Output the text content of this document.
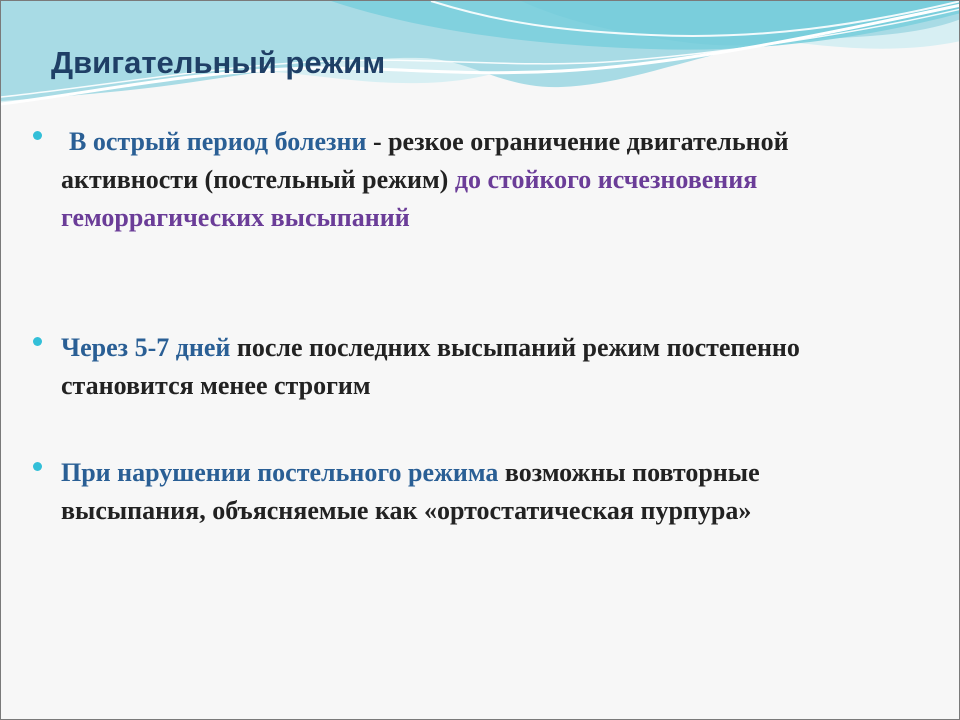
Двигательный режим

В острый период болезни - резкое ограничение двигательной активности (постельный режим) до стойкого исчезновения геморрагических высыпаний

Через 5-7 дней после последних высыпаний режим постепенно становится менее строгим

При нарушении постельного режима возможны повторные высыпания, объясняемые как «ортостатическая пурпура»
